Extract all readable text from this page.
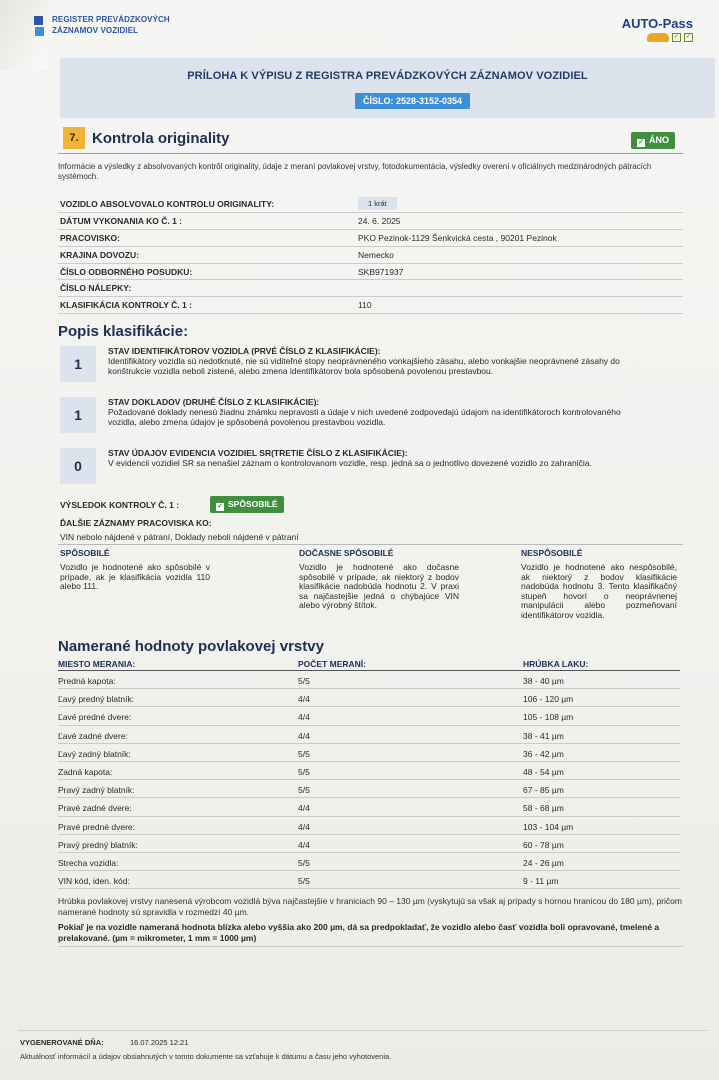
REGISTER PREVÁDZKOVÝCH
ZÁZNAMOV VOZIDIEL	AUTO-Pass
✓ ✓
PRÍLOHA K VÝPISU Z REGISTRA PREVÁDZKOVÝCH ZÁZNAMOV VOZIDIEL
ČÍSLO: 2528-3152-0354
7. Kontrola originality	✓ ÁNO
Informácie a výsledky z absolvovaných kontrôl originality, údaje z meraní povlakovej vrstvy, fotodokumentácia, výsledky overení v oficiálnych medzinárodných pátracích systémoch.
VOZIDLO ABSOLVOVALO KONTROLU ORIGINALITY:	1 krát
DÁTUM VYKONANIA KO Č. 1 :	24. 6. 2025
PRACOVISKO:	PKO Pezinok-1129 Šenkvická cesta , 90201 Pezinok
KRAJINA DOVOZU:	Nemecko
ČÍSLO ODBORNÉHO POSUDKU:	SKB971937
ČÍSLO NÁLEPKY:
KLASIFIKÁCIA KONTROLY Č. 1 :	110
Popis klasifikácie:
1
STAV IDENTIFIKÁTOROV VOZIDLA (PRVÉ ČÍSLO Z KLASIFIKÁCIE):
Identifikátory vozidla sú nedotknuté, nie sú viditeľné stopy neoprávneného vonkajšieho zásahu, alebo vonkajšie neoprávnené zásahy do konštrukcie vozidla neboli zistené, alebo zmena identifikátorov bola spôsobená povolenou prestavbou.
1
STAV DOKLADOV (DRUHÉ ČÍSLO Z KLASIFIKÁCIE):
Požadované doklady nenesú žiadnu známku nepravosti a údaje v nich uvedené zodpovedajú údajom na identifikátoroch kontrolovaného vozidla, alebo zmena údajov je spôsobená povolenou prestavbou vozidla.
0
STAV ÚDAJOV EVIDENCIA VOZIDIEL SR(TRETIE ČÍSLO Z KLASIFIKÁCIE):
V evidencii vozidiel SR sa nenašiel záznam o kontrolovanom vozidle, resp. jedná sa o jednotlivo dovezené vozidlo zo zahraničia.
VÝSLEDOK KONTROLY Č. 1 :	✓ SPÔSOBILÉ
ĎALŠIE ZÁZNAMY PRACOVISKA KO:
VIN nebolo nájdené v pátraní, Doklady neboli nájdené v pátraní
SPÔSOBILÉ
Vozidlo je hodnotené ako spôsobilé v prípade, ak je klasifikácia vozidla 110 alebo 111.
DOČASNE SPÔSOBILÉ
Vozidlo je hodnotené ako dočasne spôsobilé v prípade, ak niektorý z bodov klasifikácie nadobúda hodnotu 2. V praxi sa najčastejšie jedná o chýbajúce VIN alebo výrobný štítok.
NESPÔSOBILÉ
Vozidlo je hodnotené ako nespôsobilé, ak niektorý z bodov klasifikácie nadobúda hodnotu 3. Tento klasifikačný stupeň hovorí o neoprávnenej manipulácii alebo pozmeňovaní identifikátorov vozidla.
Namerané hodnoty povlakovej vrstvy
MIESTO MERANIA:	POČET MERANÍ:	HRÚBKA LAKU:
Predná kapota:	5/5	38 - 40 µm
Ľavý predný blatník:	4/4	106 - 120 µm
Ľavé predné dvere:	4/4	105 - 108 µm
Ľavé zadné dvere:	4/4	38 - 41 µm
Ľavý zadný blatník:	5/5	36 - 42 µm
Zadná kapota:	5/5	48 - 54 µm
Pravý zadný blatník:	5/5	67 - 85 µm
Pravé zadné dvere:	4/4	58 - 68 µm
Pravé predné dvere:	4/4	103 - 104 µm
Pravý predný blatník:	4/4	60 - 78 µm
Strecha vozidla:	5/5	24 - 26 µm
VIN kód, iden. kód:	5/5	9 - 11 µm
Hrúbka povlakovej vrstvy nanesená výrobcom vozidlá býva najčastejšie v hraniciach 90 – 130 µm (vyskytujú sa však aj prípady s hornou hranicou do 180 µm), pričom namerané hodnoty sú spravidla v rozmedzí 40 µm.
Pokiaľ je na vozidle nameraná hodnota blízka alebo vyššia ako 200 µm, dá sa predpokladať, že vozidlo alebo časť vozidla boli opravované, tmelené a prelakované. (µm = mikrometer, 1 mm = 1000 µm)
VYGENEROVANÉ DŇA:	16.07.2025 12:21
Aktuálnosť informácií a údajov obsiahnutých v tomto dokumente sa vzťahuje k dátumu a času jeho vyhotovenia.
